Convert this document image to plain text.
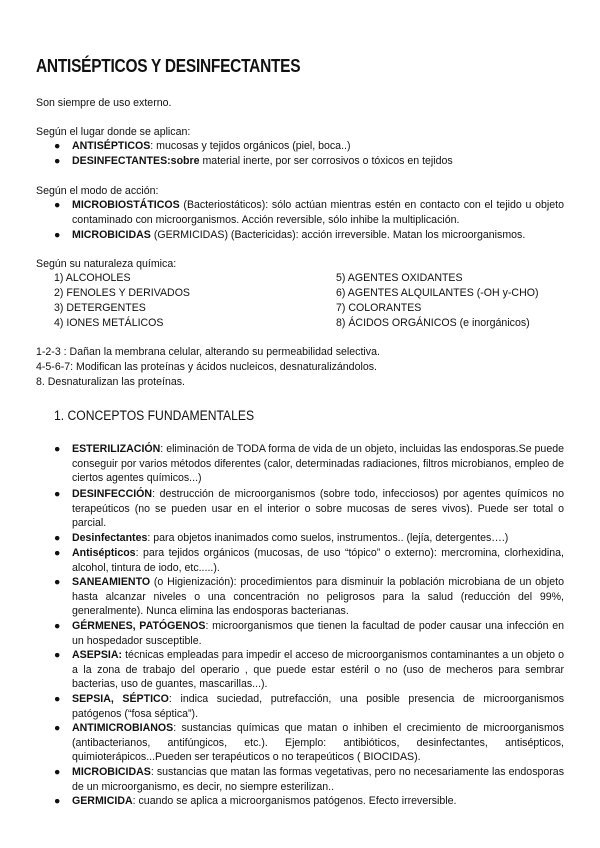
ANTISÉPTICOS Y DESINFECTANTES
Son siempre de uso externo.
Según el lugar donde se aplican:
● ANTISÉPTICOS: mucosas y tejidos orgánicos (piel, boca..)
● DESINFECTANTES:sobre material inerte, por ser corrosivos o tóxicos en tejidos
Según el modo de acción:
● MICROBIOSTÁTICOS (Bacteriostáticos): sólo actúan mientras estén en contacto con el tejido u objeto contaminado con microorganismos. Acción reversible, sólo inhibe la multiplicación.
● MICROBICIDAS (GERMICIDAS) (Bactericidas): acción irreversible. Matan los microorganismos.
Según su naturaleza química:
1) ALCOHOLES
2) FENOLES Y DERIVADOS
3) DETERGENTES
4) IONES METÁLICOS
5) AGENTES OXIDANTES
6) AGENTES ALQUILANTES (-OH y-CHO)
7) COLORANTES
8) ÁCIDOS ORGÁNICOS (e inorgánicos)
1-2-3 : Dañan la membrana celular, alterando su permeabilidad selectiva.
4-5-6-7: Modifican las proteínas y ácidos nucleicos, desnaturalizándolos.
8. Desnaturalizan las proteínas.
1. CONCEPTOS FUNDAMENTALES
● ESTERILIZACIÓN: eliminación de TODA forma de vida de un objeto, incluidas las endosporas.Se puede conseguir por varios métodos diferentes (calor, determinadas radiaciones, filtros microbianos, empleo de ciertos agentes químicos...)
● DESINFECCIÓN: destrucción de microorganismos (sobre todo, infecciosos) por agentes químicos no terapeúticos (no se pueden usar en el interior o sobre mucosas de seres vivos). Puede ser total o parcial.
● Desinfectantes: para objetos inanimados como suelos, instrumentos.. (lejía, detergentes….)
● Antisépticos: para tejidos orgánicos (mucosas, de uso “tópico” o externo): mercromina, clorhexidina, alcohol, tintura de iodo, etc.....).
● SANEAMIENTO (o Higienización): procedimientos para disminuir la población microbiana de un objeto hasta alcanzar niveles o una concentración no peligrosos para la salud (reducción del 99%, generalmente). Nunca elimina las endosporas bacterianas.
● GÉRMENES, PATÓGENOS: microorganismos que tienen la facultad de poder causar una infección en un hospedador susceptible.
● ASEPSIA: técnicas empleadas para impedir el acceso de microorganismos contaminantes a un objeto o a la zona de trabajo del operario , que puede estar estéril o no (uso de mecheros para sembrar bacterias, uso de guantes, mascarillas...).
● SEPSIA, SÉPTICO: indica suciedad, putrefacción, una posible presencia de microorganismos patógenos (“fosa séptica”).
● ANTIMICROBIANOS: sustancias químicas que matan o inhiben el crecimiento de microorganismos (antibacterianos, antifúngicos, etc.). Ejemplo: antibióticos, desinfectantes, antisépticos, quimioterápicos...Pueden ser terapéuticos o no terapeúticos ( BIOCIDAS).
● MICROBICIDAS: sustancias que matan las formas vegetativas, pero no necesariamente las endosporas de un microorganismo, es decir, no siempre esterilizan..
● GERMICIDA: cuando se aplica a microorganismos patógenos. Efecto irreversible.
